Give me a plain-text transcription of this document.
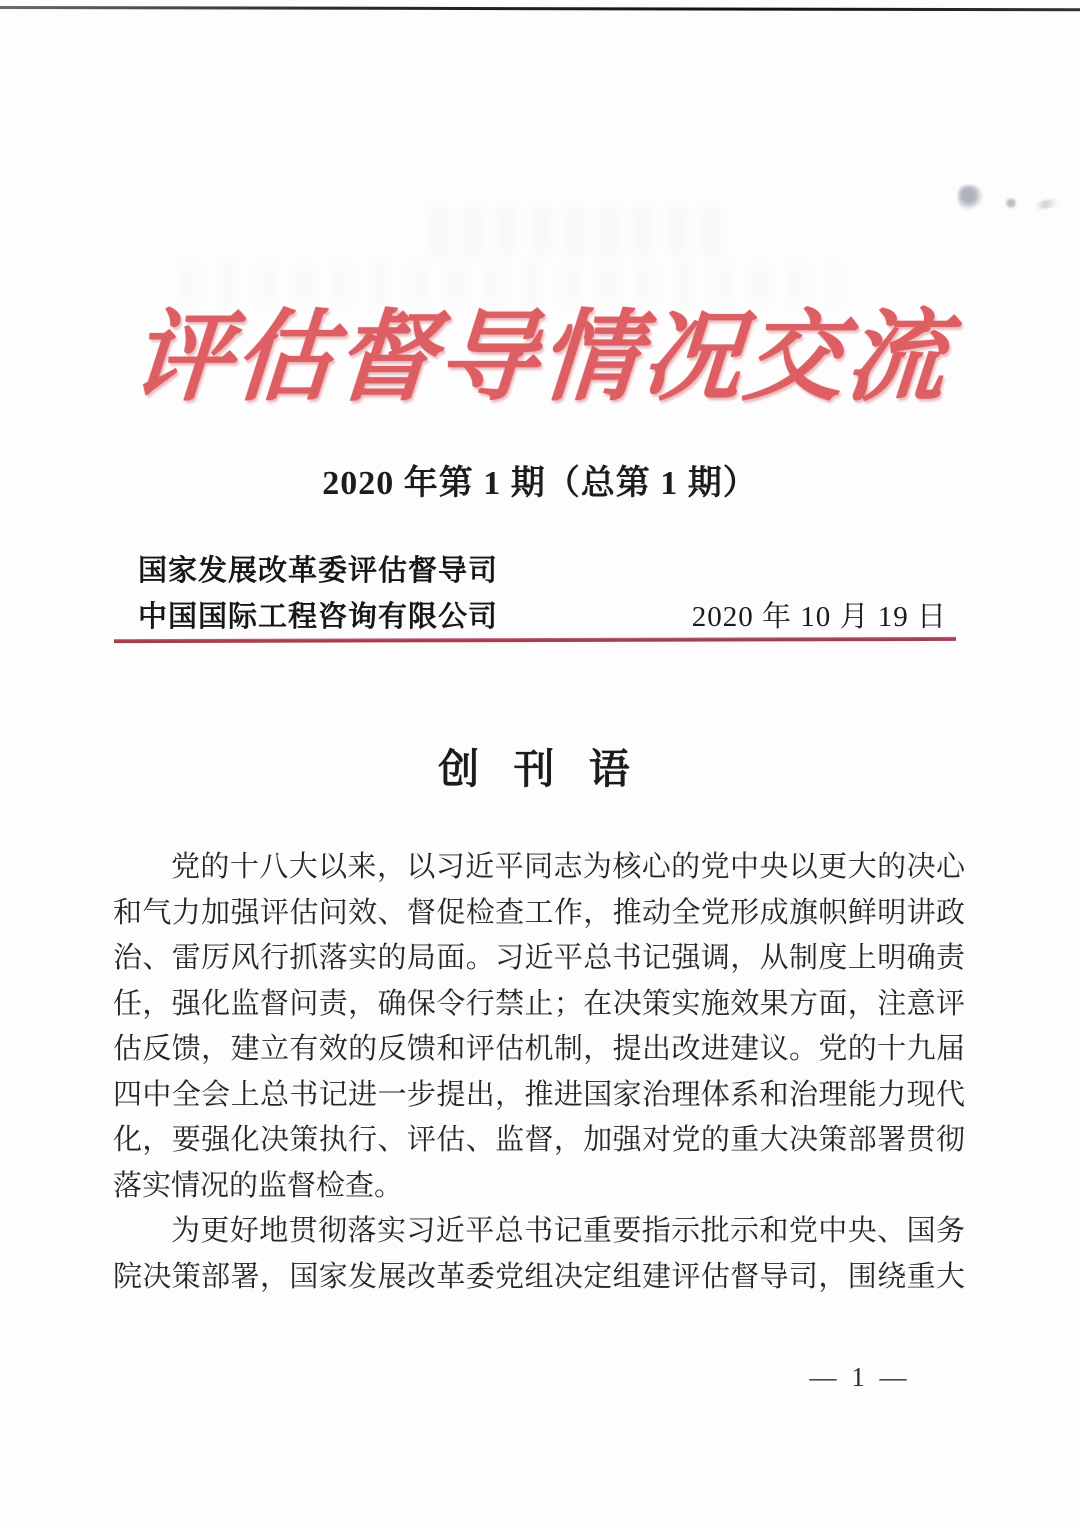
评估督导情况交流
2020 年第 1 期（总第 1 期）
国家发展改革委评估督导司
中国国际工程咨询有限公司	2020 年 10 月 19 日
创 刊 语
党的十八大以来，以习近平同志为核心的党中央以更大的决心
和气力加强评估问效、督促检查工作，推动全党形成旗帜鲜明讲政
治、雷厉风行抓落实的局面。习近平总书记强调，从制度上明确责
任，强化监督问责，确保令行禁止；在决策实施效果方面，注意评
估反馈，建立有效的反馈和评估机制，提出改进建议。党的十九届
四中全会上总书记进一步提出，推进国家治理体系和治理能力现代
化，要强化决策执行、评估、监督，加强对党的重大决策部署贯彻
落实情况的监督检查。
为更好地贯彻落实习近平总书记重要指示批示和党中央、国务
院决策部署，国家发展改革委党组决定组建评估督导司，围绕重大
— 1 —
